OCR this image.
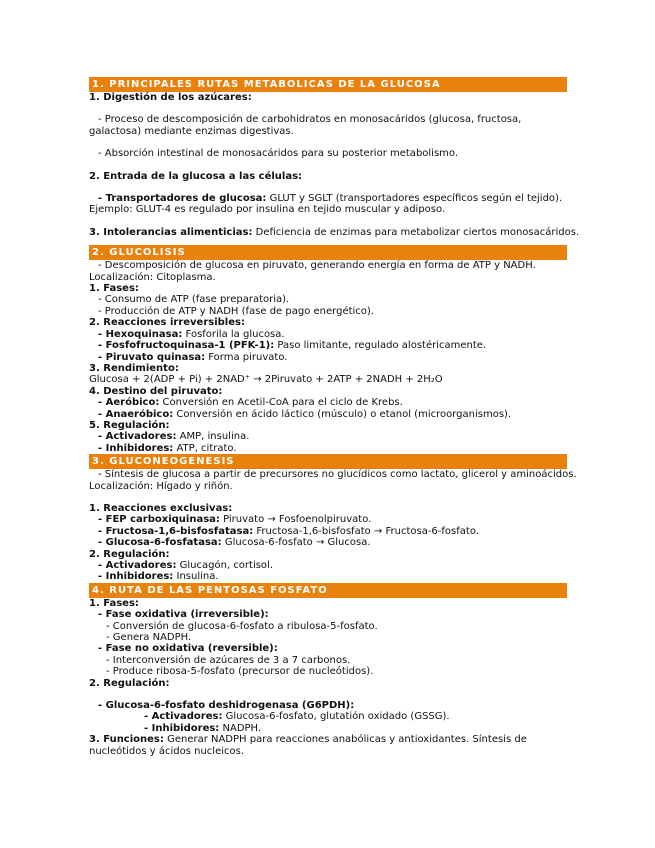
1. PRINCIPALES RUTAS METABOLICAS DE LA GLUCOSA
1. Digestión de los azúcares:
- Proceso de descomposición de carbohidratos en monosacáridos (glucosa, fructosa, galactosa) mediante enzimas digestivas.
- Absorción intestinal de monosacáridos para su posterior metabolismo.
2. Entrada de la glucosa a las células:
- Transportadores de glucosa: GLUT y SGLT (transportadores específicos según el tejido). Ejemplo: GLUT-4 es regulado por insulina en tejido muscular y adiposo.
3. Intolerancias alimenticias: Deficiencia de enzimas para metabolizar ciertos monosacáridos.
2. GLUCOLISIS
- Descomposición de glucosa en piruvato, generando energía en forma de ATP y NADH.
Localización: Citoplasma.
1. Fases:
- Consumo de ATP (fase preparatoria).
- Producción de ATP y NADH (fase de pago energético).
2. Reacciones irreversibles:
- Hexoquinasa: Fosforila la glucosa.
- Fosfofructoquinasa-1 (PFK-1): Paso limitante, regulado alostéricamente.
- Piruvato quinasa: Forma piruvato.
3. Rendimiento:
Glucosa + 2(ADP + Pi) + 2NAD⁺ → 2Piruvato + 2ATP + 2NADH + 2H₂O
4. Destino del piruvato:
- Aeróbico: Conversión en Acetil-CoA para el ciclo de Krebs.
- Anaeróbico: Conversión en ácido láctico (músculo) o etanol (microorganismos).
5. Regulación:
- Activadores: AMP, insulina.
- Inhibidores: ATP, citrato.
3. GLUCONEOGENESIS
- Síntesis de glucosa a partir de precursores no glucídicos como lactato, glicerol y aminoácidos.
Localización: Hígado y riñón.
1. Reacciones exclusivas:
- FEP carboxiquinasa: Piruvato → Fosfoenolpiruvato.
- Fructosa-1,6-bisfosfatasa: Fructosa-1,6-bisfosfato → Fructosa-6-fosfato.
- Glucosa-6-fosfatasa: Glucosa-6-fosfato → Glucosa.
2. Regulación:
- Activadores: Glucagón, cortisol.
- Inhibidores: Insulina.
4. RUTA DE LAS PENTOSAS FOSFATO
1. Fases:
- Fase oxidativa (irreversible):
- Conversión de glucosa-6-fosfato a ribulosa-5-fosfato.
- Genera NADPH.
- Fase no oxidativa (reversible):
- Interconversión de azúcares de 3 a 7 carbonos.
- Produce ribosa-5-fosfato (precursor de nucleótidos).
2. Regulación:
- Glucosa-6-fosfato deshidrogenasa (G6PDH):
- Activadores: Glucosa-6-fosfato, glutatión oxidado (GSSG).
- Inhibidores: NADPH.
3. Funciones: Generar NADPH para reacciones anabólicas y antioxidantes. Síntesis de nucleótidos y ácidos nucleicos.
